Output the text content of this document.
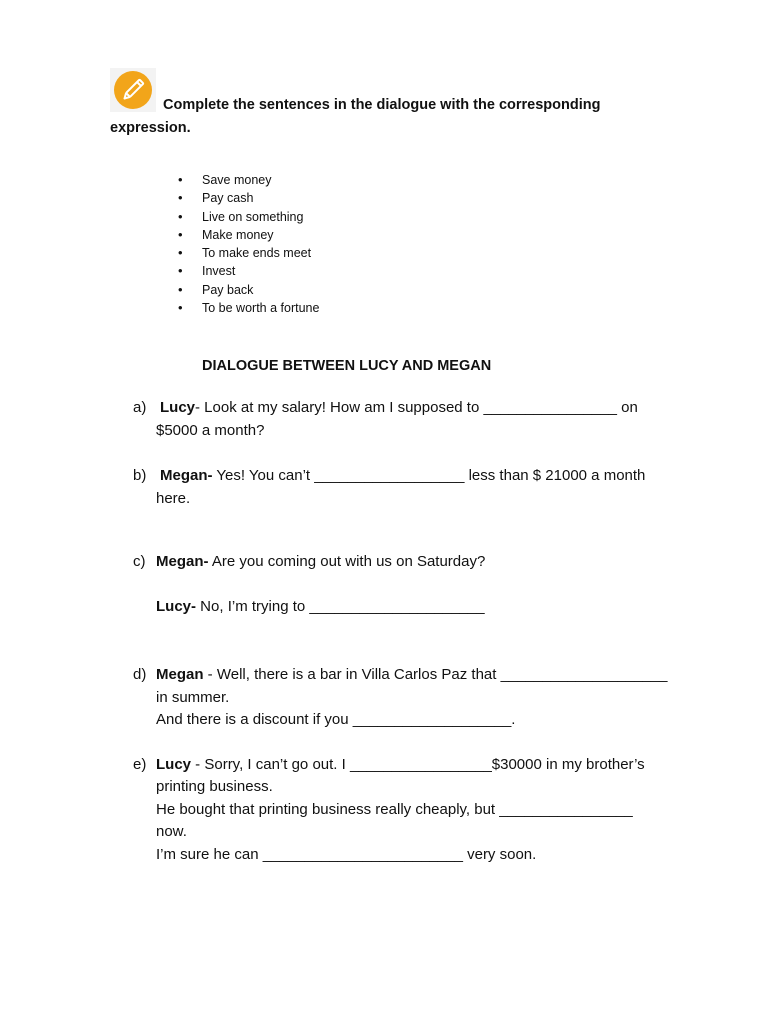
Complete the sentences in the dialogue with the corresponding
expression.
• Save money
• Pay cash
• Live on something
• Make money
• To make ends meet
• Invest
• Pay back
• To be worth a fortune
DIALOGUE BETWEEN LUCY AND MEGAN
a) Lucy- Look at my salary! How am I supposed to ________________ on
$5000 a month?
b) Megan- Yes! You can’t __________________ less than $ 21000 a month
here.
c) Megan- Are you coming out with us on Saturday?
Lucy- No, I’m trying to _____________________
d) Megan - Well, there is a bar in Villa Carlos Paz that ____________________
in summer.
And there is a discount if you ___________________.
e) Lucy - Sorry, I can’t go out. I _________________$30000 in my brother’s
printing business.
He bought that printing business really cheaply, but ________________
now.
I’m sure he can ________________________ very soon.
